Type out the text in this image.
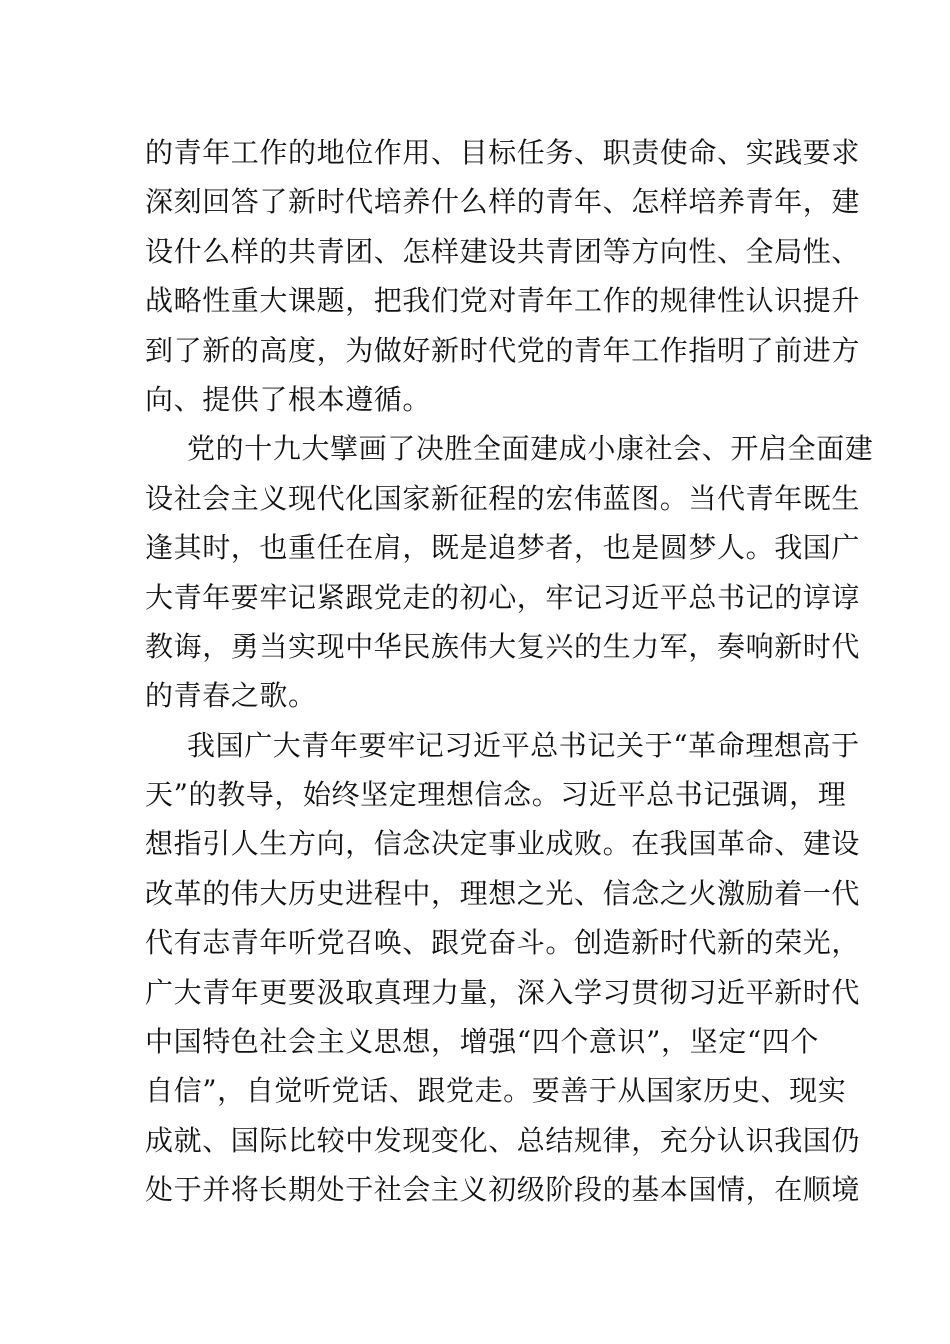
的青年工作的地位作用、目标任务、职责使命、实践要求
深刻回答了新时代培养什么样的青年、怎样培养青年，建
设什么样的共青团、怎样建设共青团等方向性、全局性、
战略性重大课题，把我们党对青年工作的规律性认识提升
到了新的高度，为做好新时代党的青年工作指明了前进方
向、提供了根本遵循。
党的十九大擘画了决胜全面建成小康社会、开启全面建
设社会主义现代化国家新征程的宏伟蓝图。当代青年既生
逢其时，也重任在肩，既是追梦者，也是圆梦人。我国广
大青年要牢记紧跟党走的初心，牢记习近平总书记的谆谆
教诲，勇当实现中华民族伟大复兴的生力军，奏响新时代
的青春之歌。
我国广大青年要牢记习近平总书记关于“革命理想高于
天”的教导，始终坚定理想信念。习近平总书记强调，理
想指引人生方向，信念决定事业成败。在我国革命、建设
改革的伟大历史进程中，理想之光、信念之火激励着一代
代有志青年听党召唤、跟党奋斗。创造新时代新的荣光，
广大青年更要汲取真理力量，深入学习贯彻习近平新时代
中国特色社会主义思想，增强“四个意识”，坚定“四个
自信”，自觉听党话、跟党走。要善于从国家历史、现实
成就、国际比较中发现变化、总结规律，充分认识我国仍
处于并将长期处于社会主义初级阶段的基本国情，在顺境
